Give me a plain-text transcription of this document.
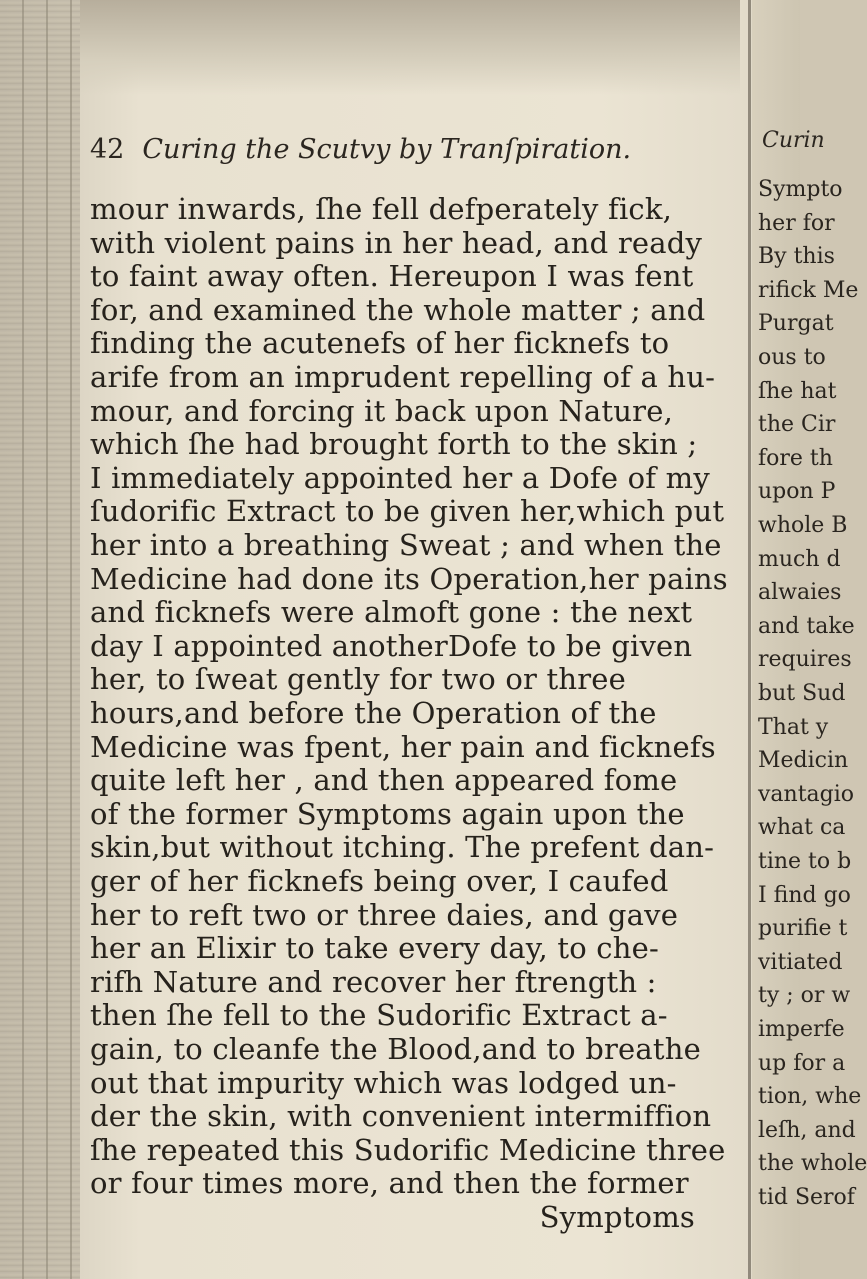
42 Curing the Scutvy by Tranſpiration.
mour inwards, ſhe fell defperately fick,
with violent pains in her head, and ready
to faint away often. Hereupon I was fent
for, and examined the whole matter ; and
finding the acutenefs of her ficknefs to
arife from an imprudent repelling of a hu-
mour, and forcing it back upon Nature,
which ſhe had brought forth to the skin ;
I immediately appointed her a Dofe of my
ſudorific Extract to be given her,which put
her into a breathing Sweat ; and when the
Medicine had done its Operation,her pains
and ficknefs were almoft gone : the next
day I appointed anotherDofe to be given
her, to ſweat gently for two or three
hours,and before the Operation of the
Medicine was fpent, her pain and ficknefs
quite left her , and then appeared fome
of the former Symptoms again upon the
skin,but without itching. The prefent dan-
ger of her ficknefs being over, I caufed
her to reft two or three daies, and gave
her an Elixir to take every day, to che-
rifh Nature and recover her ftrength :
then ſhe fell to the Sudorific Extract a-
gain, to cleanfe the Blood,and to breathe
out that impurity which was lodged un-
der the skin, with convenient intermiffion
ſhe repeated this Sudorific Medicine three
or four times more, and then the former
Symptoms
Curin
Sympto
her for
By this
rifick Me
Purgat
ous to
ſhe hat
the Cir
fore th
upon P
whole B
much d
alwaies
and take
requires
but Sud
That y
Medicin
vantagio
what ca
tine to b
I find go
purifie t
vitiated
ty ; or w
imperfe
up for a
tion, whe
leſh, and
the whole
tid Serof
